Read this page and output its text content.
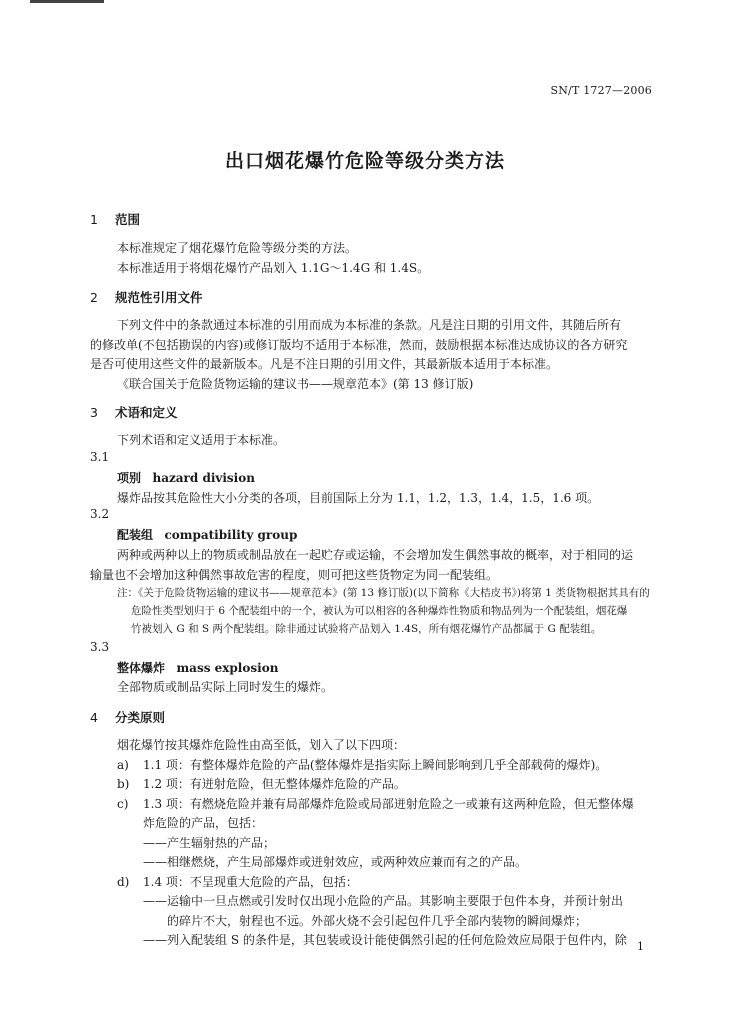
SN/T 1727—2006
出口烟花爆竹危险等级分类方法
1 范围
本标准规定了烟花爆竹危险等级分类的方法。
本标准适用于将烟花爆竹产品划入 1.1G～1.4G 和 1.4S。
2 规范性引用文件
下列文件中的条款通过本标准的引用而成为本标准的条款。凡是注日期的引用文件，其随后所有
的修改单(不包括勘误的内容)或修订版均不适用于本标准，然而，鼓励根据本标准达成协议的各方研究
是否可使用这些文件的最新版本。凡是不注日期的引用文件，其最新版本适用于本标准。
《联合国关于危险货物运输的建议书——规章范本》(第 13 修订版)
3 术语和定义
下列术语和定义适用于本标准。
3.1
项别 hazard division
爆炸品按其危险性大小分类的各项，目前国际上分为 1.1，1.2，1.3，1.4，1.5，1.6 项。
3.2
配装组 compatibility group
两种或两种以上的物质或制品放在一起贮存或运输，不会增加发生偶然事故的概率，对于相同的运
输量也不会增加这种偶然事故危害的程度，则可把这些货物定为同一配装组。
注：《关于危险货物运输的建议书——规章范本》(第 13 修订版)(以下简称《大桔皮书》)将第 1 类货物根据其具有的
危险性类型划归于 6 个配装组中的一个，被认为可以相容的各种爆炸性物质和物品列为一个配装组，烟花爆
竹被划入 G 和 S 两个配装组。除非通过试验将产品划入 1.4S，所有烟花爆竹产品都属于 G 配装组。
3.3
整体爆炸 mass explosion
全部物质或制品实际上同时发生的爆炸。
4 分类原则
烟花爆竹按其爆炸危险性由高至低，划入了以下四项：
a) 1.1 项：有整体爆炸危险的产品(整体爆炸是指实际上瞬间影响到几乎全部载荷的爆炸)。
b) 1.2 项：有迸射危险，但无整体爆炸危险的产品。
c) 1.3 项：有燃烧危险并兼有局部爆炸危险或局部迸射危险之一或兼有这两种危险，但无整体爆
炸危险的产品，包括：
——产生辐射热的产品；
——相继燃烧，产生局部爆炸或迸射效应，或两种效应兼而有之的产品。
d) 1.4 项：不呈现重大危险的产品，包括：
——运输中一旦点燃或引发时仅出现小危险的产品。其影响主要限于包件本身，并预计射出
的碎片不大，射程也不远。外部火烧不会引起包件几乎全部内装物的瞬间爆炸；
——列入配装组 S 的条件是，其包装或设计能使偶然引起的任何危险效应局限于包件内，除 1
